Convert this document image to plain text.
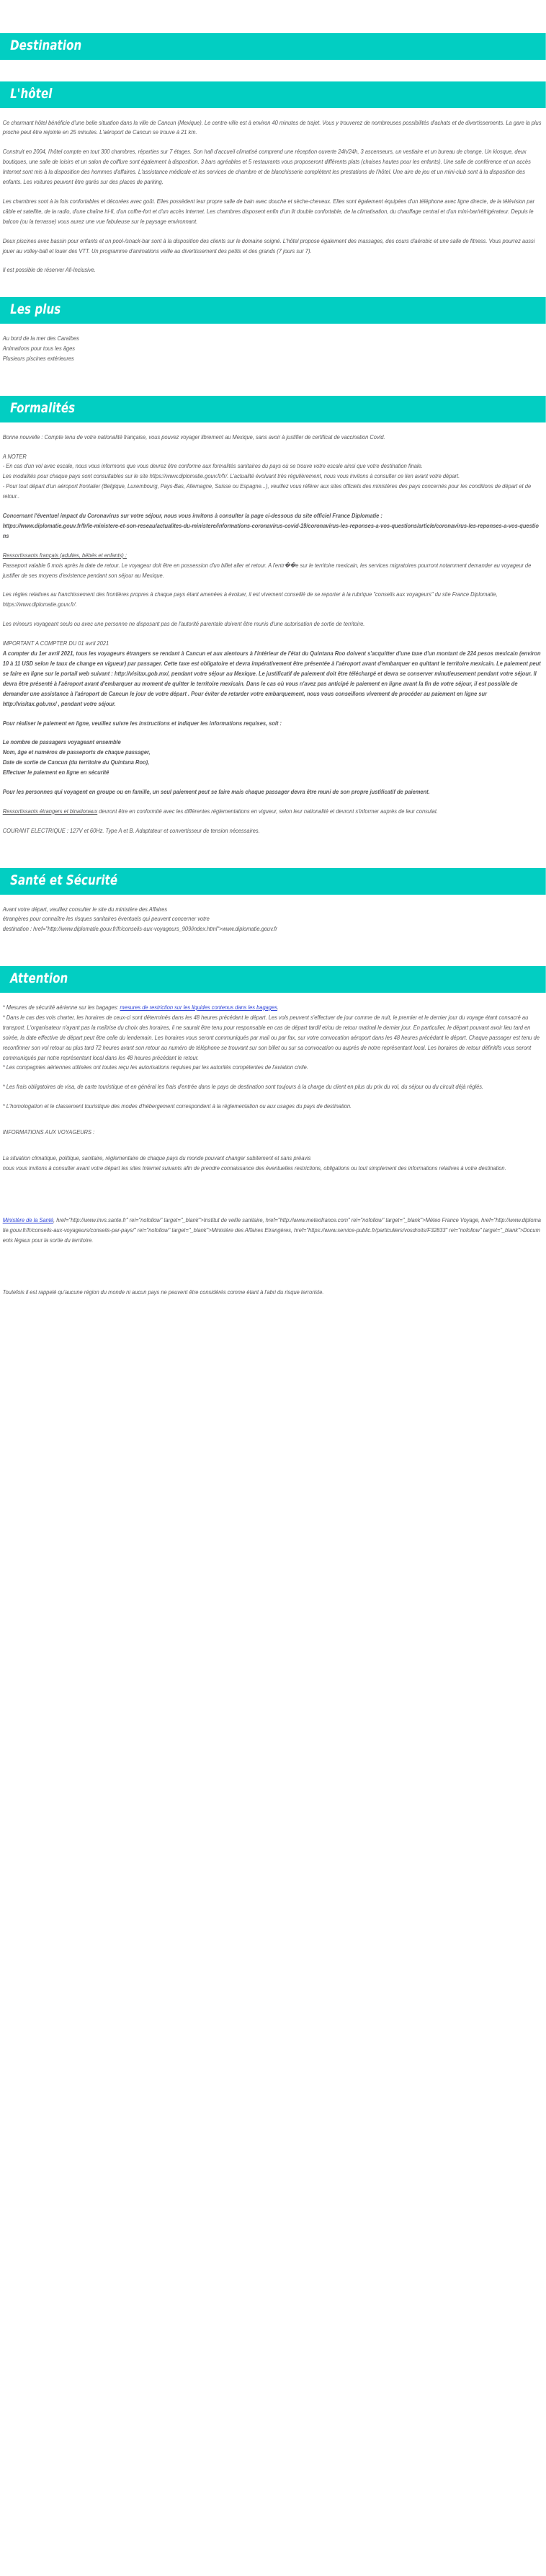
Destination
L'hôtel

Ce charmant hôtel bénéficie d'une belle situation dans la ville de Cancun (Mexique). Le centre-ville est à environ 40 minutes de trajet. Vous y trouverez de nombreuses possibilités d'achats et de divertissements. La gare la plus proche peut être rejointe en 25 minutes. L'aéroport de Cancun se trouve à 21 km.

Construit en 2004, l'hôtel compte en tout 300 chambres, réparties sur 7 étages. Son hall d'accueil climatisé comprend une réception ouverte 24h/24h, 3 ascenseurs, un vestiaire et un bureau de change. Un kiosque, deux boutiques, une salle de loisirs et un salon de coiffure sont également à disposition. 3 bars agréables et 5 restaurants vous proposeront différents plats (chaises hautes pour les enfants). Une salle de conférence et un accès Internet sont mis à la disposition des hommes d'affaires. L'assistance médicale et les services de chambre et de blanchisserie complètent les prestations de l'hôtel. Une aire de jeu et un mini-club sont à la disposition des enfants. Les voitures peuvent être garés sur des places de parking.

Les chambres sont à la fois confortables et décorées avec goût. Elles possèdent leur propre salle de bain avec douche et sèche-cheveux. Elles sont également équipées d'un téléphone avec ligne directe, de la télévision par câble et satellite, de la radio, d'une chaîne hi-fi, d'un coffre-fort et d'un accès Internet. Les chambres disposent enfin d'un lit double confortable, de la climatisation, du chauffage central et d'un mini-bar/réfrigérateur. Depuis le balcon (ou la terrasse) vous aurez une vue fabuleuse sur le paysage environnant.

Deux piscines avec bassin pour enfants et un pool-/snack-bar sont à la disposition des clients sur le domaine soigné. L'hôtel propose également des massages, des cours d'aérobic et une salle de fitness. Vous pourrez aussi jouer au volley-ball et louer des VTT. Un programme d'animations veille au divertissement des petits et des grands (7 jours sur 7).

Il est possible de réserver All-Inclusive.

Les plus

Au bord de la mer des Caraïbes

Animations pour tous les âges

Plusieurs piscines extérieures

Formalités

Bonne nouvelle : Compte tenu de votre nationalité française, vous pouvez voyager librement au Mexique, sans avoir à justifier de certificat de vaccination Covid.

A NOTER

- En cas d'un vol avec escale, nous vous informons que vous devrez être conforme aux formalités sanitaires du pays où se trouve votre escale ainsi que votre destination finale.

Les modalités pour chaque pays sont consultables sur le site https://www.diplomatie.gouv.fr/fr/. L'actualité évoluant très régulièrement, nous vous invitons à consulter ce lien avant votre départ.

- Pour tout départ d'un aéroport frontalier (Belgique, Luxembourg, Pays-Bas, Allemagne, Suisse ou Espagne...), veuillez vous référer aux sites officiels des ministères des pays concernés pour les conditions de départ et de retour..

Concernant l'éventuel impact du Coronavirus sur votre séjour, nous vous invitons à consulter la page ci-dessous du site officiel France Diplomatie :

https://www.diplomatie.gouv.fr/fr/le-ministere-et-son-reseau/actualites-du-ministere/informations-coronavirus-covid-19/coronavirus-les-reponses-a-vos-questions/article/coronavirus-les-reponses-a-vos-questions

Ressortissants français (adultes, bébés et enfants) :

Passeport valable 6 mois après la date de retour. Le voyageur doit être en possession d'un billet aller et retour. A l'entr��e sur le territoire mexicain, les services migratoires pourront notamment demander au voyageur de justifier de ses moyens d'existence pendant son séjour au Mexique.

Les règles relatives au franchissement des frontières propres à chaque pays étant amenées à évoluer, il est vivement conseillé de se reporter à la rubrique "conseils aux voyageurs" du site France Diplomatie, https://www.diplomatie.gouv.fr/.

Les mineurs voyageant seuls ou avec une personne ne disposant pas de l'autorité parentale doivent être munis d'une autorisation de sortie de territoire.

IMPORTANT A COMPTER DU 01 avril 2021

A compter du 1er avril 2021, tous les voyageurs étrangers se rendant à Cancun et aux alentours à l'intérieur de l'état du Quintana Roo doivent s'acquitter d'une taxe d'un montant de 224 pesos mexicain (environ 10 à 11 USD selon le taux de change en vigueur) par passager. Cette taxe est obligatoire et devra impérativement être présentée à l'aéroport avant d'embarquer en quittant le territoire mexicain. Le paiement peut se faire en ligne sur le portail web suivant : http://visitax.gob.mx/, pendant votre séjour au Mexique. Le justificatif de paiement doit être téléchargé et devra se conserver minutieusement pendant votre séjour. Il devra être présenté à l'aéroport avant d'embarquer au moment de quitter le territoire mexicain. Dans le cas où vous n'avez pas anticipé le paiement en ligne avant la fin de votre séjour, il est possible de demander une assistance à l'aéroport de Cancun le jour de votre départ . Pour éviter de retarder votre embarquement, nous vous conseillons vivement de procéder au paiement en ligne sur http://visitax.gob.mx/ , pendant votre séjour.

Pour réaliser le paiement en ligne, veuillez suivre les instructions et indiquer les informations requises, soit :

Le nombre de passagers voyageant ensemble

Nom, âge et numéros de passeports de chaque passager,

Date de sortie de Cancun (du territoire du Quintana Roo),

Effectuer le paiement en ligne en sécurité

Pour les personnes qui voyagent en groupe ou en famille, un seul paiement peut se faire mais chaque passager devra être muni de son propre justificatif de paiement.

Ressortissants étrangers et binationaux devront être en conformité avec les différentes réglementations en vigueur, selon leur nationalité et devront s'informer auprès de leur consulat.

COURANT ELECTRIQUE : 127V et 60Hz. Type A et B. Adaptateur et convertisseur de tension nécessaires.

Santé et Sécurité

Avant votre départ, veuillez consulter le site du ministère des Affaires

étrangères pour connaître les risques sanitaires éventuels qui peuvent concerner votre

destination : href="http://www.diplomatie.gouv.fr/fr/conseils-aux-voyageurs_909/index.html">www.diplomatie.gouv.fr

Attention

* Mesures de sécurité aérienne sur les bagages: mesures de restriction sur les liquides contenus dans les bagages.

* Dans le cas des vols charter, les horaires de ceux-ci sont déterminés dans les 48 heures précédant le départ. Les vols peuvent s'effectuer de jour comme de nuit, le premier et le dernier jour du voyage étant consacré au transport. L'organisateur n'ayant pas la maîtrise du choix des horaires, il ne saurait être tenu pour responsable en cas de départ tardif et/ou de retour matinal le dernier jour. En particulier, le départ pouvant avoir lieu tard en soirée, la date effective de départ peut être celle du lendemain. Les horaires vous seront communiqués par mail ou par fax, sur votre convocation aéroport dans les 48 heures précédant le départ. Chaque passager est tenu de reconfirmer son vol retour au plus tard 72 heures avant son retour au numéro de téléphone se trouvant sur son billet ou sur sa convocation ou auprés de notre représentant local. Les horaires de retour définitifs vous seront communiqués par notre représentant local dans les 48 heures précédant le retour.

* Les compagnies aériennes utilisées ont toutes reçu les autorisations requises par les autorités compétentes de l'aviation civile.

* Les frais obligatoires de visa, de carte touristique et en général les frais d'entrée dans le pays de destination sont toujours à la charge du client en plus du prix du vol, du séjour ou du circuit déjà réglés.

* L'homologation et le classement touristique des modes d'hébergement correspondent à la réglementation ou aux usages du pays de destination.

INFORMATIONS AUX VOYAGEURS :

La situation climatique, politique, sanitaire, réglementaire de chaque pays du monde pouvant changer subitement et sans préavis

nous vous invitons à consulter avant votre départ les sites Internet suivants afin de prendre connaissance des éventuelles restrictions, obligations ou tout simplement des informations relatives à votre destination.

Ministère de la Santé, href="http://www.invs.sante.fr" rel="nofollow" target="_blank">Institut de veille sanitaire, href="http://www.meteofrance.com" rel="nofollow" target="_blank">Méteo France Voyage, href="http://www.diplomatie.gouv.fr/fr/conseils-aux-voyageurs/conseils-par-pays/" rel="nofollow" target="_blank">Ministère des Affaires Etrangères, href="https://www.service-public.fr/particuliers/vosdroits/F32833" rel="nofollow" target="_blank">Documents légaux pour la sortie du territoire.

Toutefois il est rappelé qu'aucune région du monde ni aucun pays ne peuvent être considérés comme étant à l'abri du risque terroriste.
